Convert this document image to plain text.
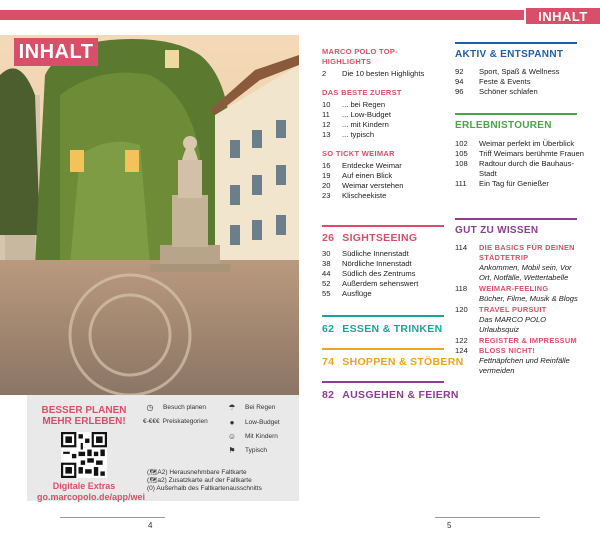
INHALT
INHALT
BESSER PLANEN MEHR ERLEBEN!
Digitale Extras
go.marcopolo.de/app/wei
◷	Besuch planen	☂	Bei Regen
€-€€€ Preiskategorien	●	Low-Budget
☺	Mit Kindern
⚑	Typisch
(🗺A2) Herausnehmbare Faltkarte
(🗺a2) Zusatzkarte auf der Faltkarte
(0) Außerhalb des Faltkartenausschnitts
4	5
MARCO POLO TOP-HIGHLIGHTS
2	Die 10 besten Highlights
DAS BESTE ZUERST
10	... bei Regen
11	... Low-Budget
12	... mit Kindern
13	... typisch
SO TICKT WEIMAR
16	Entdecke Weimar
19	Auf einen Blick
20	Weimar verstehen
23	Klischeekiste
26 SIGHTSEEING
30	Südliche Innenstadt
38	Nördliche Innenstadt
44	Südlich des Zentrums
52	Außerdem sehenswert
55	Ausflüge
62 ESSEN & TRINKEN
74 SHOPPEN & STÖBERN
82 AUSGEHEN & FEIERN
AKTIV & ENTSPANNT
92	Sport, Spaß & Wellness
94	Feste & Events
96	Schöner schlafen
ERLEBNISTOUREN
102	Weimar perfekt im Überblick
105	Triff Weimars berühmte Frauen
108	Radtour durch die Bauhaus-Stadt
111	Ein Tag für Genießer
GUT ZU WISSEN
114	DIE BASICS FÜR DEINEN STÄDTETRIP
Ankommen, Mobil sein, Vor Ort, Notfälle, Wettertabelle
118	WEIMAR-FEELING
Bücher, Filme, Musik & Blogs
120	TRAVEL PURSUIT
Das MARCO POLO Urlaubsquiz
122	REGISTER & IMPRESSUM
124	BLOSS NICHT!
Fettnäpfchen und Reinfälle vermeiden
